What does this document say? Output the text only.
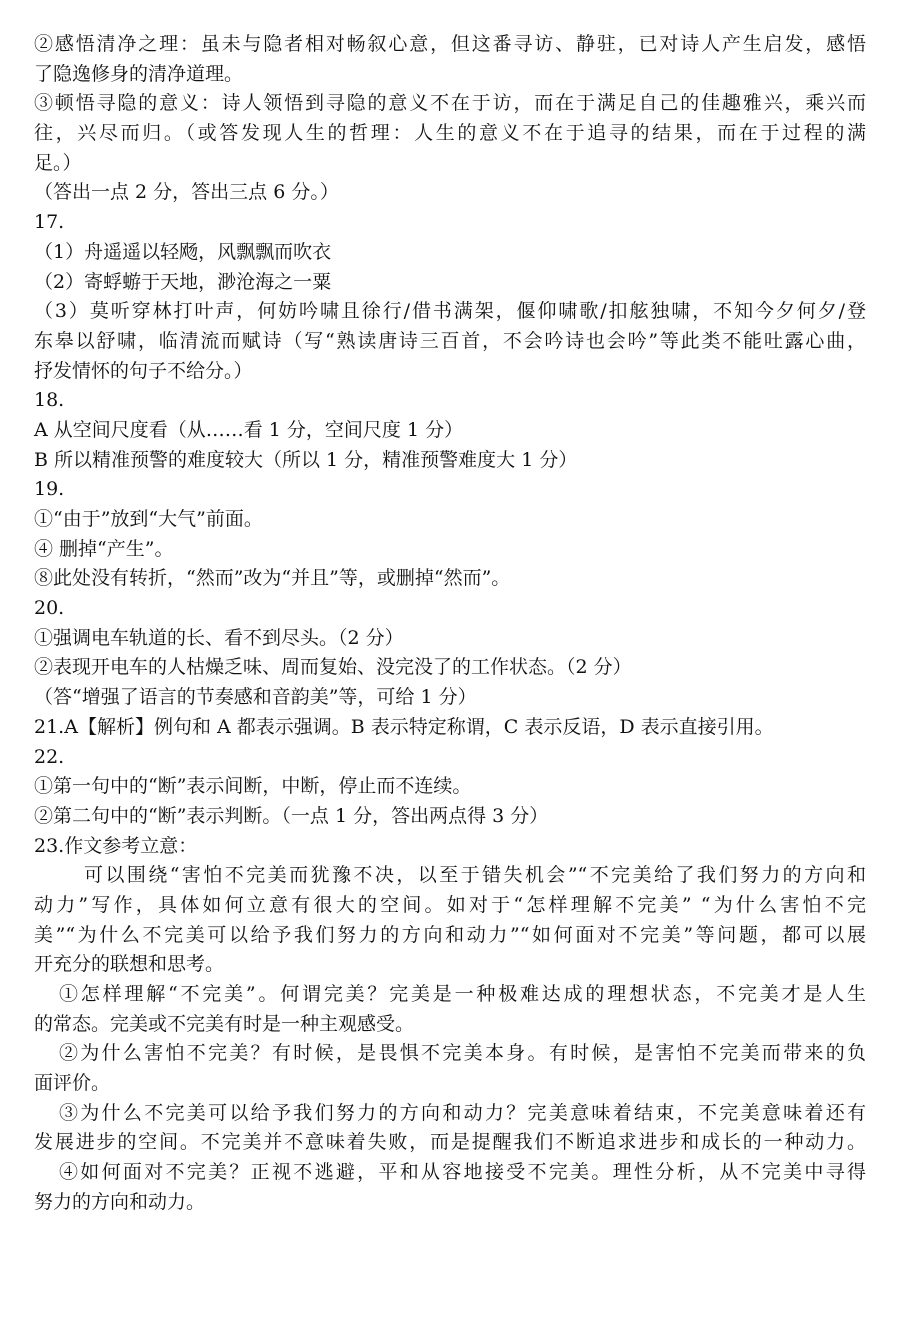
②感悟清净之理：虽未与隐者相对畅叙心意，但这番寻访、静驻，已对诗人产生启发，感悟
了隐逸修身的清净道理。
③顿悟寻隐的意义：诗人领悟到寻隐的意义不在于访，而在于满足自己的佳趣雅兴，乘兴而
往，兴尽而归。（或答发现人生的哲理：人生的意义不在于追寻的结果，而在于过程的满
足。）
（答出一点 2 分，答出三点 6 分。）
17.
（1）舟遥遥以轻飏，风飘飘而吹衣
（2）寄蜉蝣于天地，渺沧海之一粟
（3）莫听穿林打叶声，何妨吟啸且徐行/借书满架，偃仰啸歌/扣舷独啸，不知今夕何夕/登
东皋以舒啸，临清流而赋诗（写“熟读唐诗三百首，不会吟诗也会吟”等此类不能吐露心曲，
抒发情怀的句子不给分。）
18.
A 从空间尺度看（从……看 1 分，空间尺度 1 分）
B 所以精准预警的难度较大（所以 1 分，精准预警难度大 1 分）
19.
①“由于”放到“大气”前面。
④ 删掉“产生”。
⑧此处没有转折，“然而”改为“并且”等，或删掉“然而”。
20.
①强调电车轨道的长、看不到尽头。（2 分）
②表现开电车的人枯燥乏味、周而复始、没完没了的工作状态。（2 分）
（答“增强了语言的节奏感和音韵美”等，可给 1 分）
21.A【解析】例句和 A 都表示强调。B 表示特定称谓，C 表示反语，D 表示直接引用。
22.
①第一句中的“断”表示间断，中断，停止而不连续。
②第二句中的“断”表示判断。（一点 1 分，答出两点得 3 分）
23.作文参考立意：
可以围绕“害怕不完美而犹豫不决，以至于错失机会”“不完美给了我们努力的方向和
动力”写作，具体如何立意有很大的空间。如对于“怎样理解不完美” “为什么害怕不完
美”“为什么不完美可以给予我们努力的方向和动力”“如何面对不完美”等问题，都可以展
开充分的联想和思考。
①怎样理解“不完美”。何谓完美？完美是一种极难达成的理想状态，不完美才是人生
的常态。完美或不完美有时是一种主观感受。
②为什么害怕不完美？有时候，是畏惧不完美本身。有时候，是害怕不完美而带来的负
面评价。
③为什么不完美可以给予我们努力的方向和动力？完美意味着结束，不完美意味着还有
发展进步的空间。不完美并不意味着失败，而是提醒我们不断追求进步和成长的一种动力。
④如何面对不完美？正视不逃避，平和从容地接受不完美。理性分析，从不完美中寻得
努力的方向和动力。
